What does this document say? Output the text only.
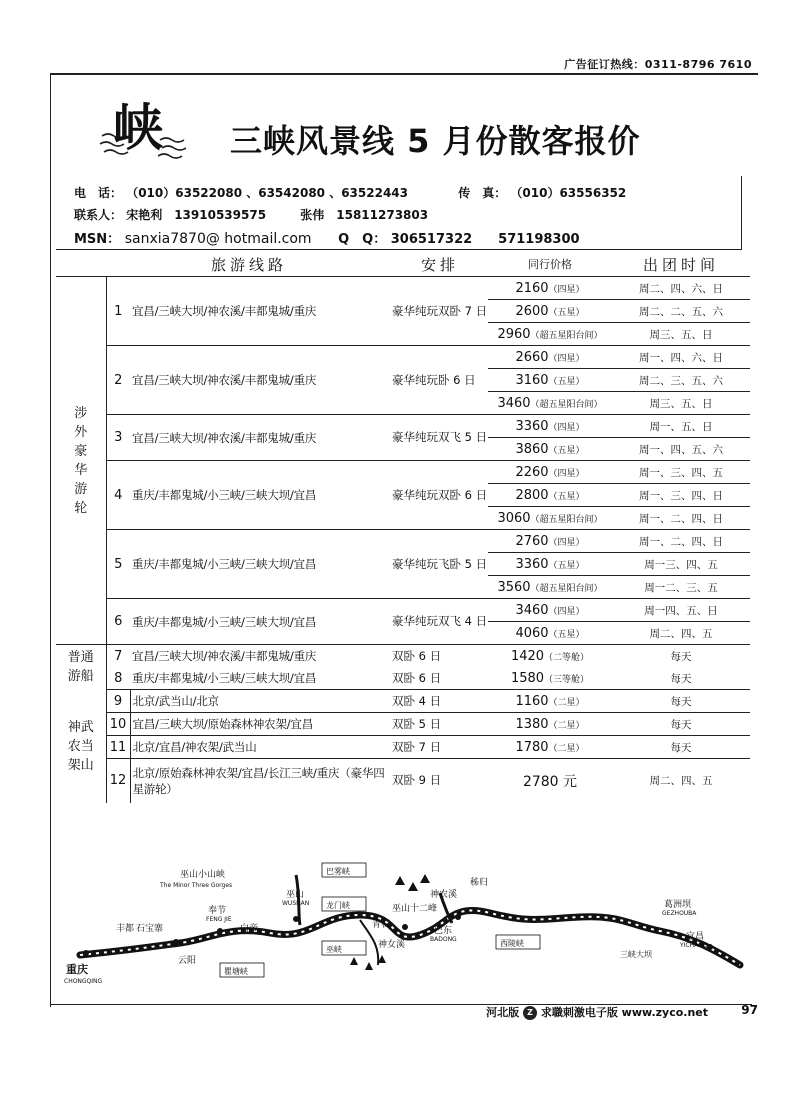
广告征订热线：0311-8796 7610
峡 三峡风景线 5 月份散客报价
电　话： （010）63522080 、63542080 、63522443	传　真： （010）63556352
联系人： 宋艳利　13910539575	张伟　15811273803
MSN： sanxia7870@ hotmail.com Q　Q： 306517322　　571198300
	旅游线路		安排	同行价格	出团时间

涉外豪华游轮	1	宜昌/三峡大坝/神农溪/丰都鬼城/重庆	豪华纯玩双卧 7 日	2160（四星）	周二、四、六、日
				2600（五星）	周二、二、五、六
				2960（超五星阳台间）	周三、五、日
	2	宜昌/三峡大坝/神农溪/丰都鬼城/重庆	豪华纯玩卧 6 日	2660（四星）	周一、四、六、日
				3160（五星）	周二、三、五、六
				3460（超五星阳台间）	周三、五、日
	3	宜昌/三峡大坝/神农溪/丰都鬼城/重庆	豪华纯玩双飞 5 日	3360（四星）	周一、五、日
				3860（五星）	周一、四、五、六
	4	重庆/丰都鬼城/小三峡/三峡大坝/宜昌	豪华纯玩双卧 6 日	2260（四星）	周一、三、四、五
				2800（五星）	周一、三、四、日
				3060（超五星阳台间）	周一、二、四、日
	5	重庆/丰都鬼城/小三峡/三峡大坝/宜昌	豪华纯玩飞卧 5 日	2760（四星）	周一、二、四、日
				3360（五星）	周一三、四、五
				3560（超五星阳台间）	周一二、三、五
	6	重庆/丰都鬼城/小三峡/三峡大坝/宜昌	豪华纯玩双飞 4 日	3460（四星）	周一四、五、日
				4060（五星）	周二、四、五

普通游船	7	宜昌/三峡大坝/神农溪/丰都鬼城/重庆	双卧 6 日	1420（二等舱）	每天
	8	重庆/丰都鬼城/小三峡/三峡大坝/宜昌	双卧 6 日	1580（三等舱）	每天

神武农当架山	9	北京/武当山/北京	双卧 4 日	1160（二星）	每天
	10	宜昌/三峡大坝/原始森林神农架/宜昌	双卧 5 日	1380（二星）	每天
	11	北京/宜昌/神农架/武当山	双卧 7 日	1780（二星）	每天
	12	北京/原始森林神农架/宜昌/长江三峡/重庆（豪华四星游轮）	双卧 9 日	2780 元	周二、四、五
重庆
CHONGQING
丰都 石宝寨
云阳
奉节
FENG JIE
白帝
瞿塘峡
巫山
WUSHAN
巫山小山峡
The Minor Three Gorges
巴雾峡
龙门峡
巫峡	神女溪
青石
巫山十二峰
神农溪
巴东
BADONG
秭归
西陵峡
三峡大坝
葛洲坝
GEZHOUBA
宜昌
YICHANG
河北版 Z 求職刺激电子版 www.zyco.net	97
